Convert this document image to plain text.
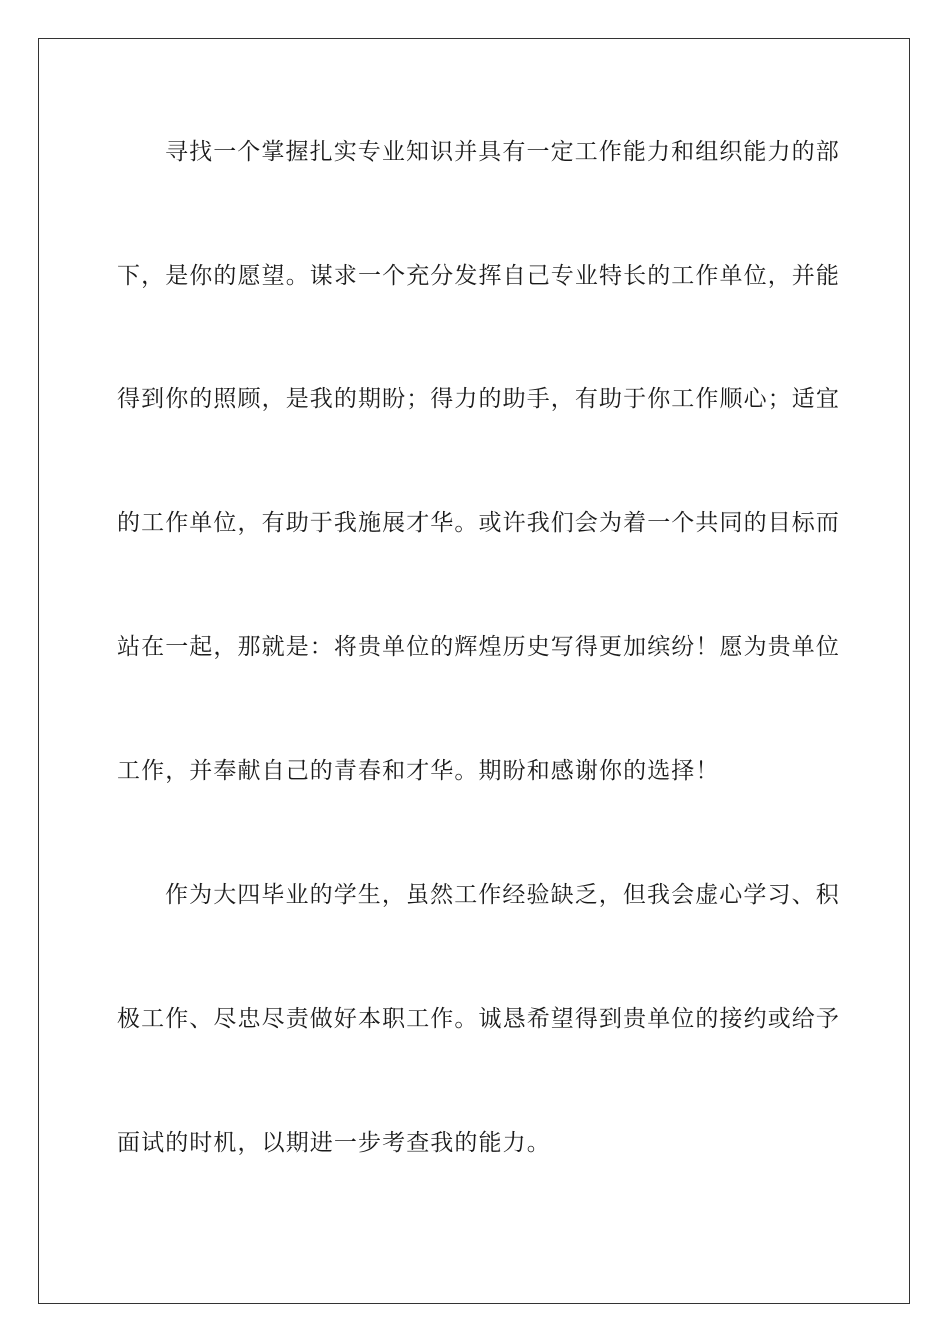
寻找一个掌握扎实专业知识并具有一定工作能力和组织能力的部
下，是你的愿望。谋求一个充分发挥自己专业特长的工作单位，并能
得到你的照顾，是我的期盼；得力的助手，有助于你工作顺心；适宜
的工作单位，有助于我施展才华。或许我们会为着一个共同的目标而
站在一起，那就是：将贵单位的辉煌历史写得更加缤纷！愿为贵单位
工作，并奉献自己的青春和才华。期盼和感谢你的选择！
作为大四毕业的学生，虽然工作经验缺乏，但我会虚心学习、积
极工作、尽忠尽责做好本职工作。诚恳希望得到贵单位的接约或给予
面试的时机，以期进一步考查我的能力。
